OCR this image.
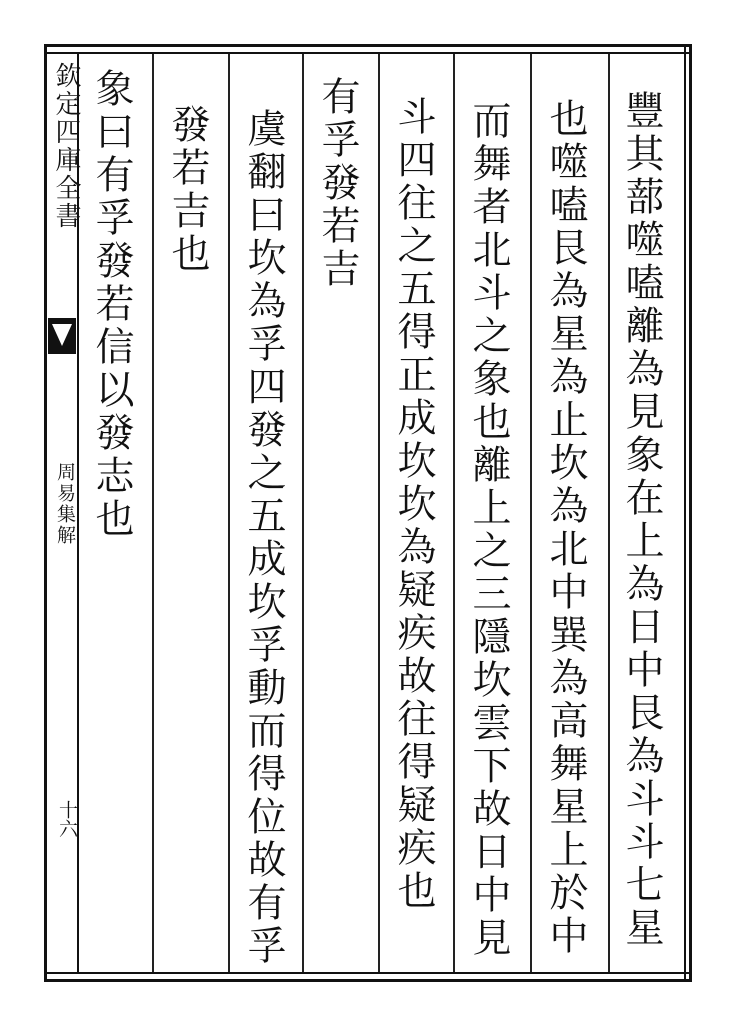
欽定四庫全書
周易集解
十六	豐其蔀噬嗑離為見象在上為日中艮為斗斗七星
也噬嗑艮為星為止坎為北中巽為高舞星上於中
而舞者北斗之象也離上之三隱坎雲下故日中見
斗四往之五得正成坎坎為疑疾故往得疑疾也
有孚發若吉
虞翻曰坎為孚四發之五成坎孚動而得位故有孚
發若吉也
象曰有孚發若信以發志也
